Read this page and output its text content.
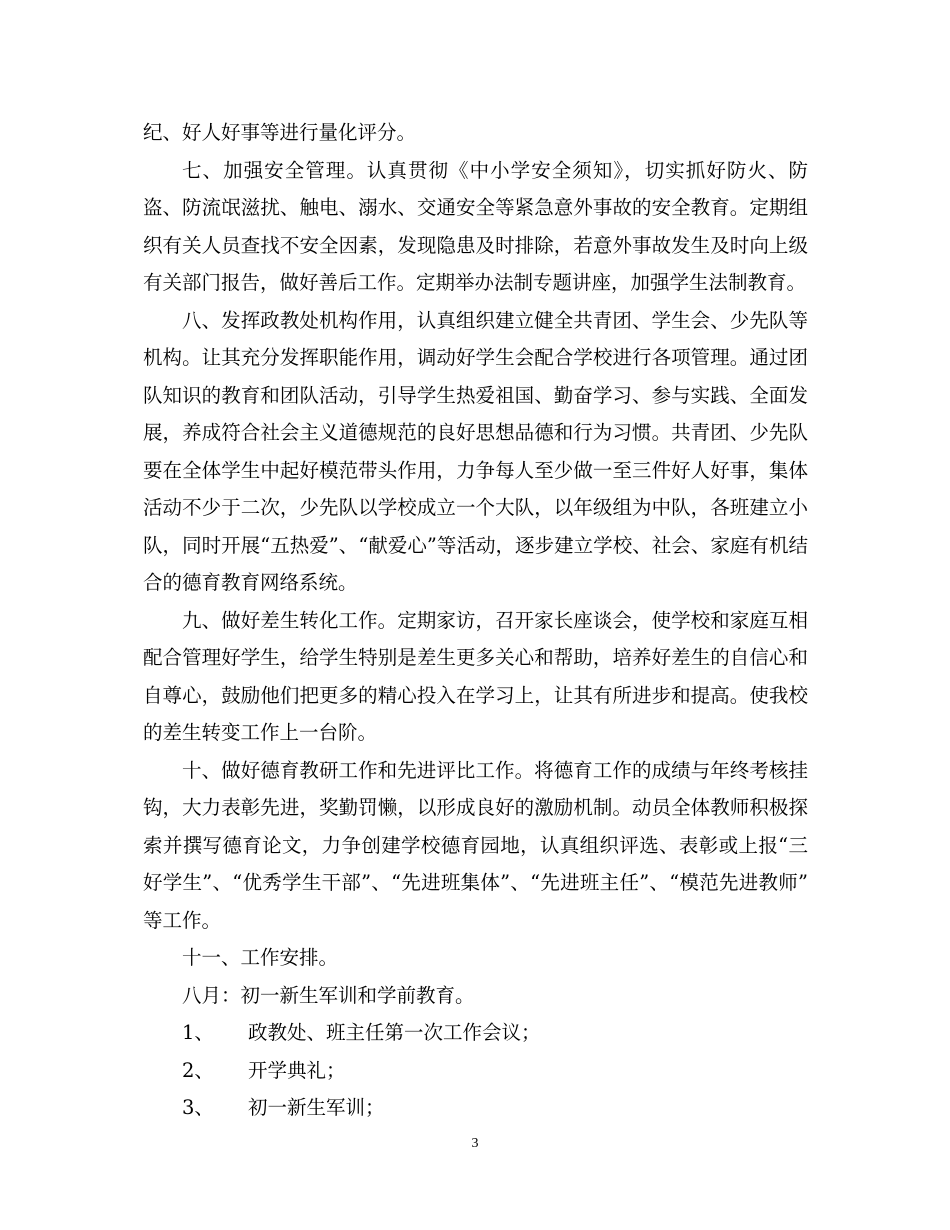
纪、好人好事等进行量化评分。

七、加强安全管理。认真贯彻《中小学安全须知》，切实抓好防火、防盗、防流氓滋扰、触电、溺水、交通安全等紧急意外事故的安全教育。定期组织有关人员查找不安全因素，发现隐患及时排除，若意外事故发生及时向上级有关部门报告，做好善后工作。定期举办法制专题讲座，加强学生法制教育。

八、发挥政教处机构作用，认真组织建立健全共青团、学生会、少先队等机构。让其充分发挥职能作用，调动好学生会配合学校进行各项管理。通过团队知识的教育和团队活动，引导学生热爱祖国、勤奋学习、参与实践、全面发展，养成符合社会主义道德规范的良好思想品德和行为习惯。共青团、少先队要在全体学生中起好模范带头作用，力争每人至少做一至三件好人好事，集体活动不少于二次，少先队以学校成立一个大队，以年级组为中队，各班建立小队，同时开展“五热爱”、“献爱心”等活动，逐步建立学校、社会、家庭有机结合的德育教育网络系统。

九、做好差生转化工作。定期家访，召开家长座谈会，使学校和家庭互相配合管理好学生，给学生特别是差生更多关心和帮助，培养好差生的自信心和自尊心，鼓励他们把更多的精心投入在学习上，让其有所进步和提高。使我校的差生转变工作上一台阶。

十、做好德育教研工作和先进评比工作。将德育工作的成绩与年终考核挂钩，大力表彰先进，奖勤罚懒，以形成良好的激励机制。动员全体教师积极探索并撰写德育论文，力争创建学校德育园地，认真组织评选、表彰或上报“三好学生”、“优秀学生干部”、“先进班集体”、“先进班主任”、“模范先进教师” 等工作。

十一、工作安排。

八月：初一新生军训和学前教育。

1、	政教处、班主任第一次工作会议；
2、	开学典礼；
3、	初一新生军训；
3
